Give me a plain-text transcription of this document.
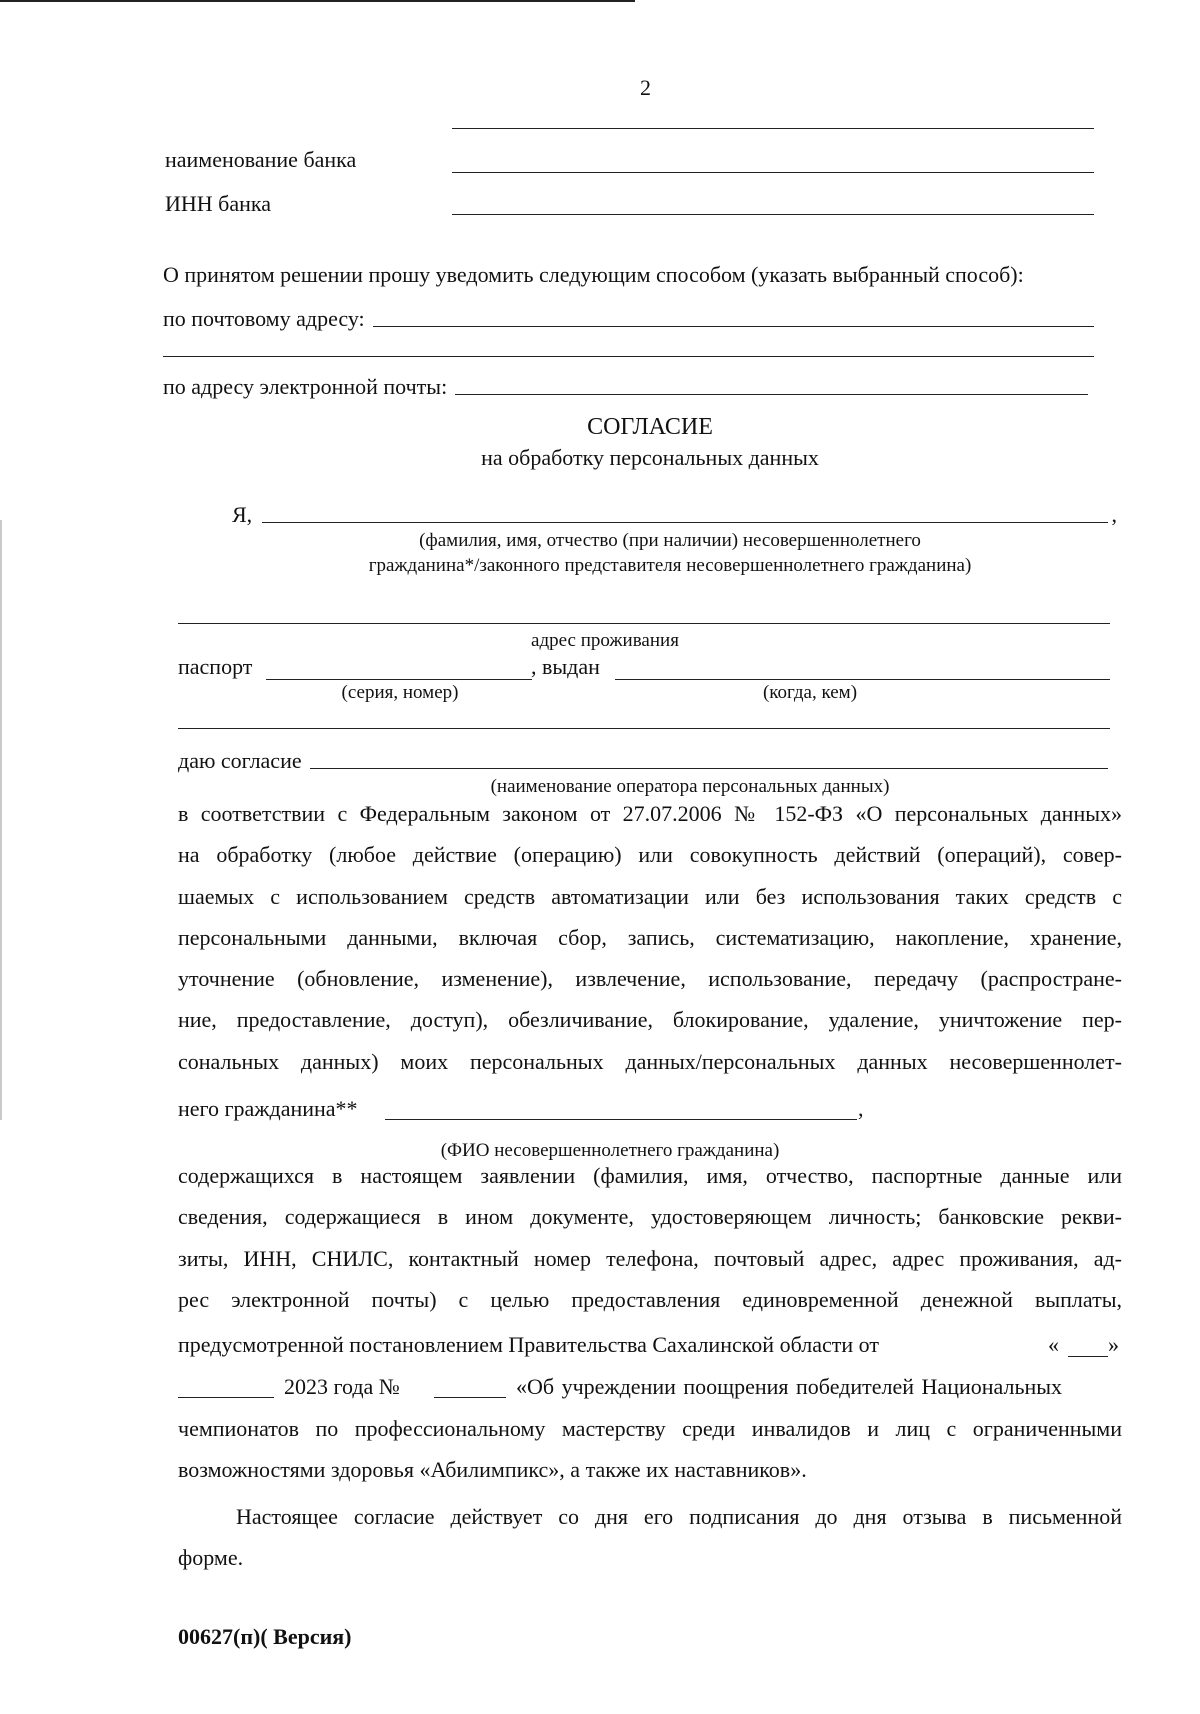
2
наименование банка
ИНН банка
О принятом решении прошу уведомить следующим способом (указать выбранный способ):
по почтовому адресу:
по адресу электронной почты:
СОГЛАСИЕ
на обработку персональных данных
Я,	,
(фамилия, имя, отчество (при наличии) несовершеннолетнего
гражданина*/законного представителя несовершеннолетнего гражданина)
адрес проживания
паспорт	, выдан
(серия, номер)	(когда, кем)
даю согласие
(наименование оператора персональных данных)
в соответствии с Федеральным законом от 27.07.2006 № 152-ФЗ «О персональных данных»
на обработку (любое действие (операцию) или совокупность действий (операций), совер-
шаемых с использованием средств автоматизации или без использования таких средств с
персональными данными, включая сбор, запись, систематизацию, накопление, хранение,
уточнение (обновление, изменение), извлечение, использование, передачу (распростране-
ние, предоставление, доступ), обезличивание, блокирование, удаление, уничтожение пер-
сональных данных) моих персональных данных/персональных данных несовершеннолет-
него гражданина**	,
(ФИО несовершеннолетнего гражданина)
содержащихся в настоящем заявлении (фамилия, имя, отчество, паспортные данные или
сведения, содержащиеся в ином документе, удостоверяющем личность; банковские рекви-
зиты, ИНН, СНИЛС, контактный номер телефона, почтовый адрес, адрес проживания, ад-
рес электронной почты) с целью предоставления единовременной денежной выплаты,
предусмотренной постановлением Правительства Сахалинской области от	« »
2023 года №	«Об учреждении поощрения победителей Национальных
чемпионатов по профессиональному мастерству среди инвалидов и лиц с ограниченными
возможностями здоровья «Абилимпикс», а также их наставников».
Настоящее согласие действует со дня его подписания до дня отзыва в письменной
форме.
00627(п)( Версия)
